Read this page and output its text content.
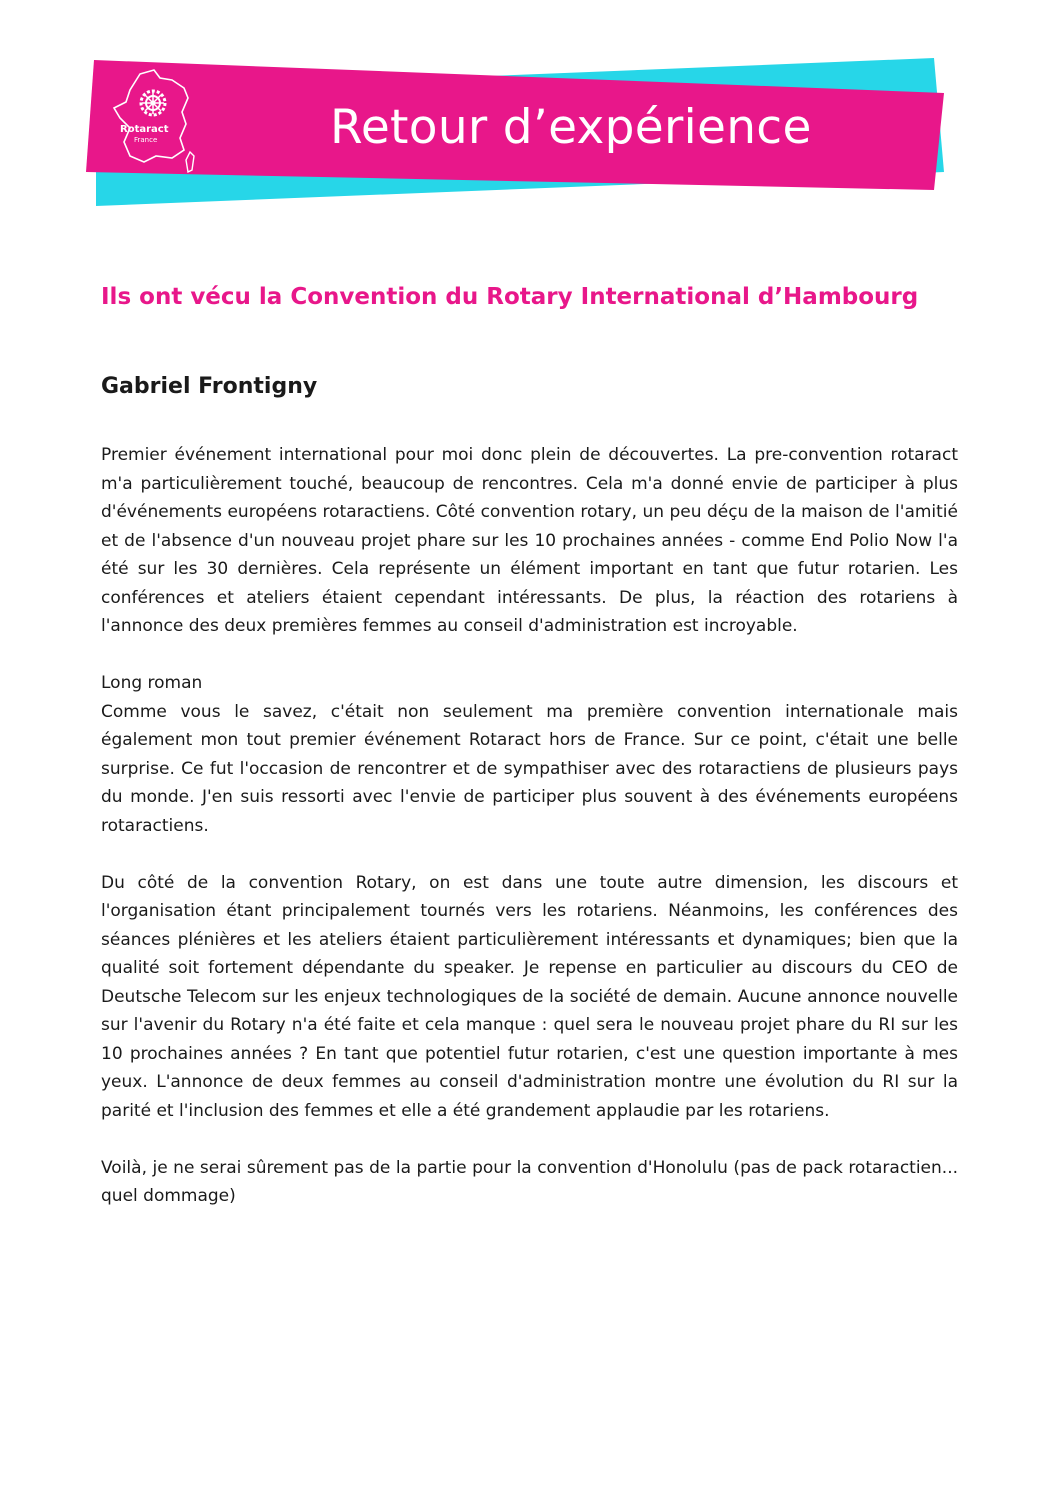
Rotaract
France	Retour d’expérience
Ils ont vécu la Convention du Rotary International d’Hambourg
Gabriel Frontigny

Premier événement international pour moi donc plein de découvertes. La pre-convention rotaract m'a particulièrement touché, beaucoup de rencontres. Cela m'a donné envie de participer à plus d'événements européens rotaractiens. Côté convention rotary, un peu déçu de la maison de l'amitié et de l'absence d'un nouveau projet phare sur les 10 prochaines années - comme End Polio Now l'a été sur les 30 dernières. Cela représente un élément important en tant que futur rotarien. Les conférences et ateliers étaient cependant intéressants. De plus, la réaction des rotariens à l'annonce des deux premières femmes au conseil d'administration est incroyable.

Long roman

Comme vous le savez, c'était non seulement ma première convention internationale mais également mon tout premier événement Rotaract hors de France. Sur ce point, c'était une belle surprise. Ce fut l'occasion de rencontrer et de sympathiser avec des rotaractiens de plusieurs pays du monde. J'en suis ressorti avec l'envie de participer plus souvent à des événements européens rotaractiens.

Du côté de la convention Rotary, on est dans une toute autre dimension, les discours et l'organisation étant principalement tournés vers les rotariens. Néanmoins, les conférences des séances plénières et les ateliers étaient particulièrement intéressants et dynamiques; bien que la qualité soit fortement dépendante du speaker. Je repense en particulier au discours du CEO de Deutsche Telecom sur les enjeux technologiques de la société de demain. Aucune annonce nouvelle sur l'avenir du Rotary n'a été faite et cela manque : quel sera le nouveau projet phare du RI sur les 10 prochaines années ? En tant que potentiel futur rotarien, c'est une question importante à mes yeux. L'annonce de deux femmes au conseil d'administration montre une évolution du RI sur la parité et l'inclusion des femmes et elle a été grandement applaudie par les rotariens.

Voilà, je ne serai sûrement pas de la partie pour la convention d'Honolulu (pas de pack rotaractien... quel dommage)
